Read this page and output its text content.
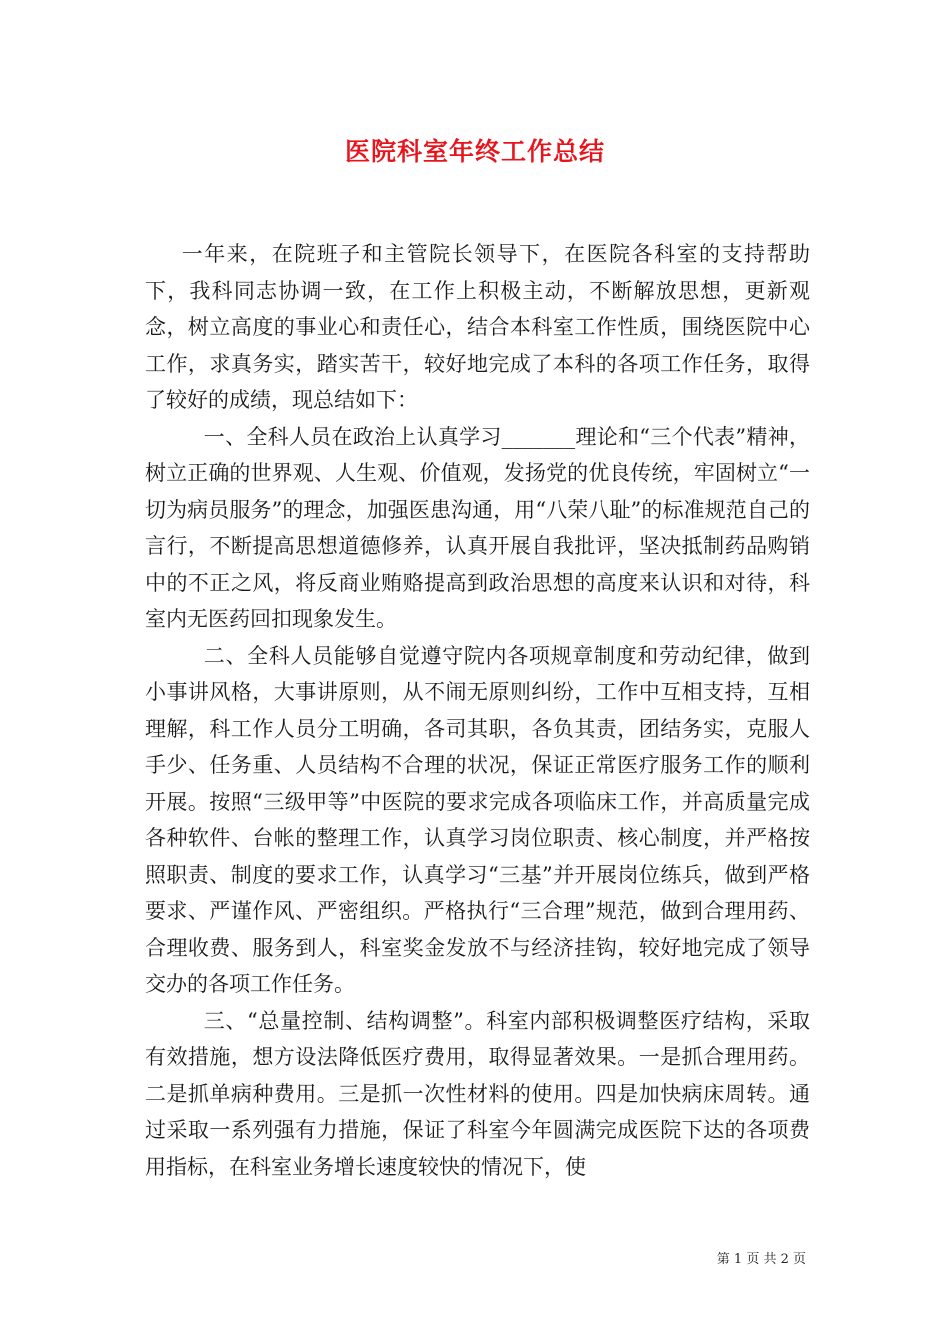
医院科室年终工作总结

一年来，在院班子和主管院长领导下，在医院各科室的支持帮助下，我科同志协调一致，在工作上积极主动，不断解放思想，更新观念，树立高度的事业心和责任心，结合本科室工作性质，围绕医院中心工作，求真务实，踏实苦干，较好地完成了本科的各项工作任务，取得了较好的成绩，现总结如下：

一、全科人员在政治上认真学习_______理论和“三个代表”精神，树立正确的世界观、人生观、价值观，发扬党的优良传统，牢固树立“一切为病员服务”的理念，加强医患沟通，用“八荣八耻”的标准规范自己的言行，不断提高思想道德修养，认真开展自我批评，坚决抵制药品购销中的不正之风，将反商业贿赂提高到政治思想的高度来认识和对待，科室内无医药回扣现象发生。

二、全科人员能够自觉遵守院内各项规章制度和劳动纪律，做到小事讲风格，大事讲原则，从不闹无原则纠纷，工作中互相支持，互相理解，科工作人员分工明确，各司其职，各负其责，团结务实，克服人手少、任务重、人员结构不合理的状况，保证正常医疗服务工作的顺利开展。按照“三级甲等”中医院的要求完成各项临床工作，并高质量完成各种软件、台帐的整理工作，认真学习岗位职责、核心制度，并严格按照职责、制度的要求工作，认真学习“三基”并开展岗位练兵，做到严格要求、严谨作风、严密组织。严格执行“三合理”规范，做到合理用药、合理收费、服务到人，科室奖金发放不与经济挂钩，较好地完成了领导交办的各项工作任务。

三、“总量控制、结构调整”。科室内部积极调整医疗结构，采取有效措施，想方设法降低医疗费用，取得显著效果。一是抓合理用药。二是抓单病种费用。三是抓一次性材料的使用。四是加快病床周转。通过采取一系列强有力措施，保证了科室今年圆满完成医院下达的各项费用指标，在科室业务增长速度较快的情况下，使

第 1 页 共 2 页
